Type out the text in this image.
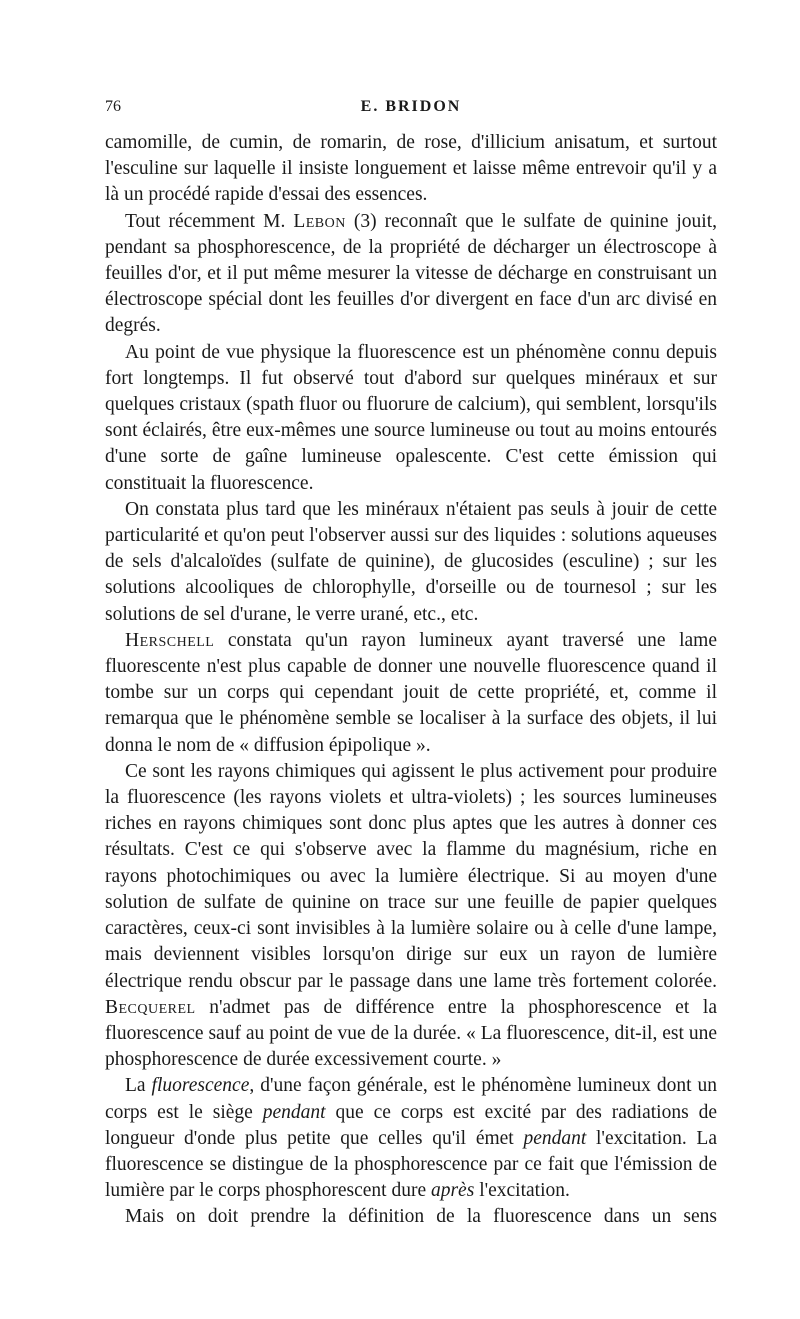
76	E. BRIDON

camomille, de cumin, de romarin, de rose, d'illicium anisatum, et surtout l'esculine sur laquelle il insiste longuement et laisse même entrevoir qu'il y a là un procédé rapide d'essai des essences.

Tout récemment M. Lebon (3) reconnaît que le sulfate de quinine jouit, pendant sa phosphorescence, de la propriété de décharger un électroscope à feuilles d'or, et il put même mesurer la vitesse de décharge en construisant un électroscope spécial dont les feuilles d'or divergent en face d'un arc divisé en degrés.

Au point de vue physique la fluorescence est un phénomène connu depuis fort longtemps. Il fut observé tout d'abord sur quelques minéraux et sur quelques cristaux (spath fluor ou fluorure de calcium), qui semblent, lorsqu'ils sont éclairés, être eux-mêmes une source lumineuse ou tout au moins entourés d'une sorte de gaîne lumineuse opalescente. C'est cette émission qui constituait la fluorescence.

On constata plus tard que les minéraux n'étaient pas seuls à jouir de cette particularité et qu'on peut l'observer aussi sur des liquides : solutions aqueuses de sels d'alcaloïdes (sulfate de quinine), de glucosides (esculine) ; sur les solutions alcooliques de chlorophylle, d'orseille ou de tournesol ; sur les solutions de sel d'urane, le verre urané, etc., etc.

Herschell constata qu'un rayon lumineux ayant traversé une lame fluorescente n'est plus capable de donner une nouvelle fluorescence quand il tombe sur un corps qui cependant jouit de cette propriété, et, comme il remarqua que le phénomène semble se localiser à la surface des objets, il lui donna le nom de « diffusion épipolique ».

Ce sont les rayons chimiques qui agissent le plus activement pour produire la fluorescence (les rayons violets et ultra-violets) ; les sources lumineuses riches en rayons chimiques sont donc plus aptes que les autres à donner ces résultats. C'est ce qui s'observe avec la flamme du magnésium, riche en rayons photochimiques ou avec la lumière électrique. Si au moyen d'une solution de sulfate de quinine on trace sur une feuille de papier quelques caractères, ceux-ci sont invisibles à la lumière solaire ou à celle d'une lampe, mais deviennent visibles lorsqu'on dirige sur eux un rayon de lumière électrique rendu obscur par le passage dans une lame très fortement colorée. Becquerel n'admet pas de différence entre la phosphorescence et la fluorescence sauf au point de vue de la durée. « La fluorescence, dit-il, est une phosphorescence de durée excessivement courte. »

La fluorescence, d'une façon générale, est le phénomène lumineux dont un corps est le siège pendant que ce corps est excité par des radiations de longueur d'onde plus petite que celles qu'il émet pendant l'excitation. La fluorescence se distingue de la phosphorescence par ce fait que l'émission de lumière par le corps phosphorescent dure après l'excitation.

Mais on doit prendre la définition de la fluorescence dans un sens
